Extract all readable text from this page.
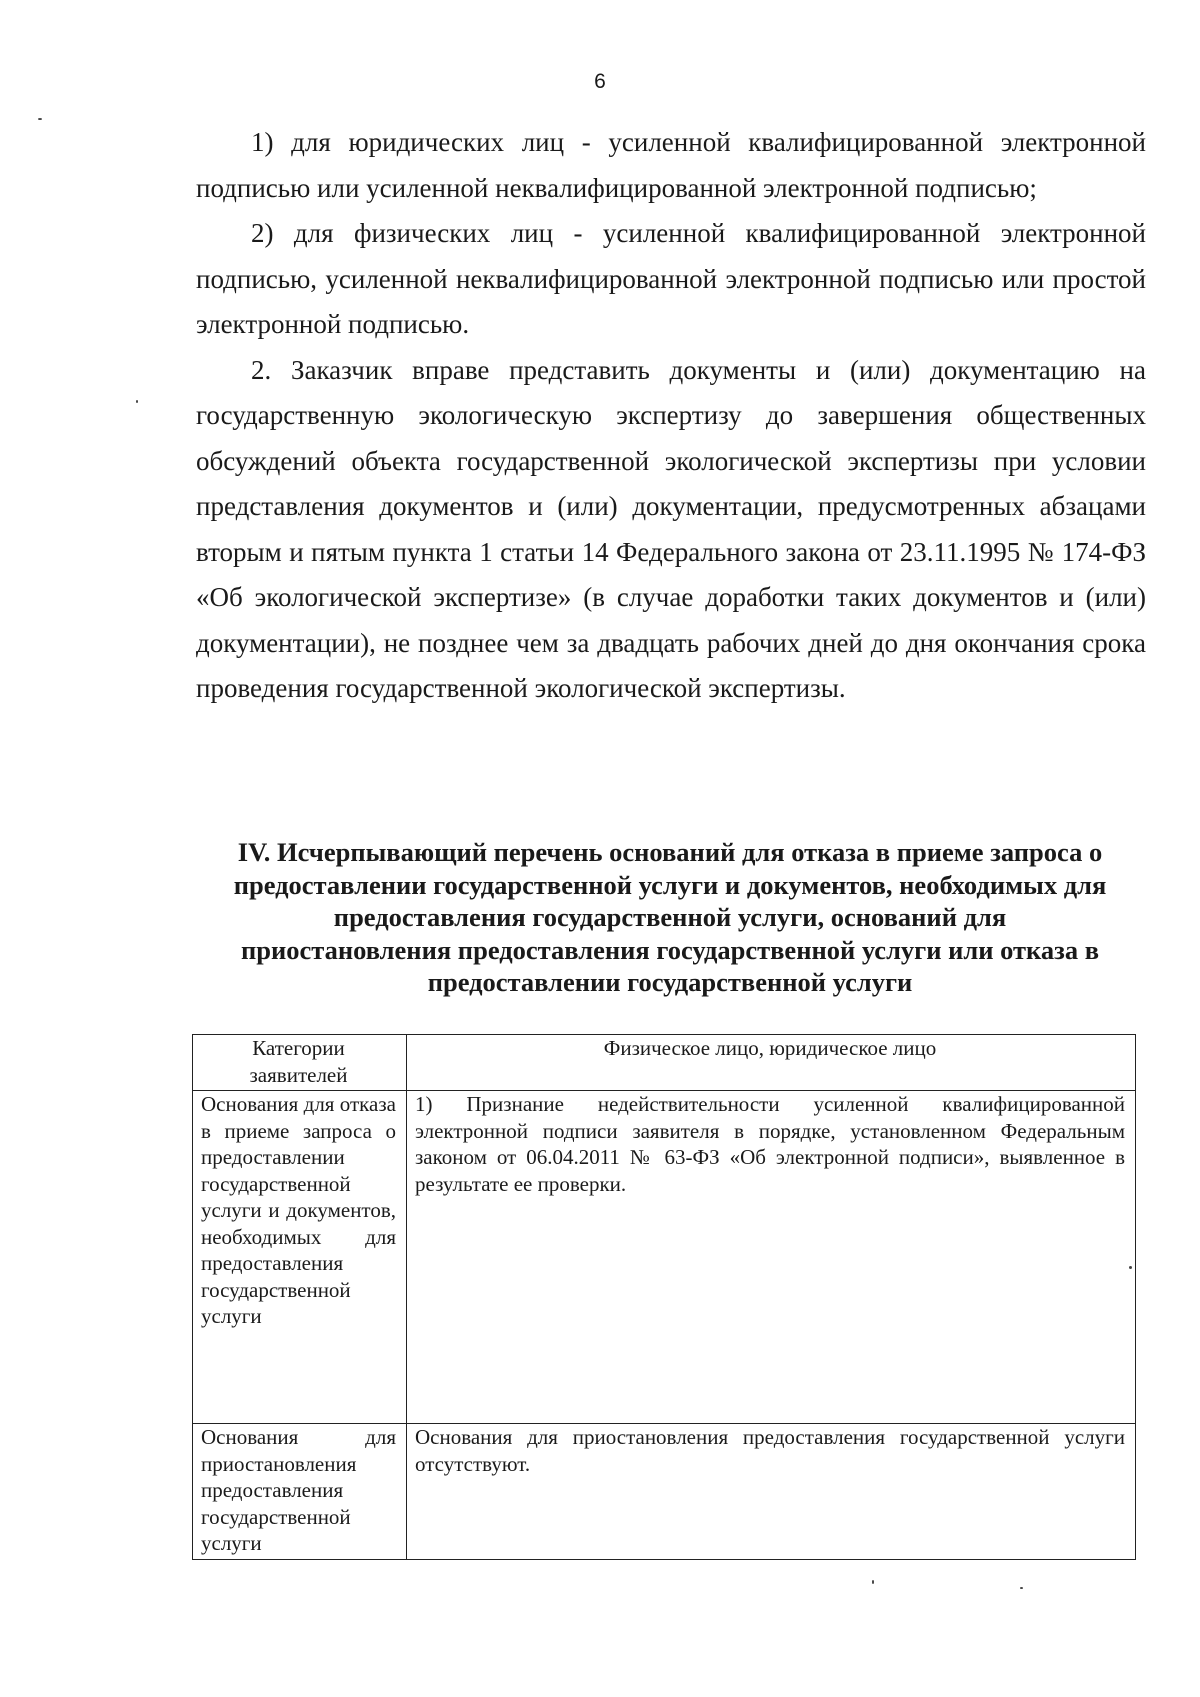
6

1) для юридических лиц - усиленной квалифицированной электронной подписью или усиленной неквалифицированной электронной подписью;

2) для физических лиц - усиленной квалифицированной электронной подписью, усиленной неквалифицированной электронной подписью или простой электронной подписью.

2. Заказчик вправе представить документы и (или) документацию на государственную экологическую экспертизу до завершения общественных обсуждений объекта государственной экологической экспертизы при условии представления документов и (или) документации, предусмотренных абзацами вторым и пятым пункта 1 статьи 14 Федерального закона от 23.11.1995 № 174-ФЗ «Об экологической экспертизе» (в случае доработки таких документов и (или) документации), не позднее чем за двадцать рабочих дней до дня окончания срока проведения государственной экологической экспертизы.

IV. Исчерпывающий перечень оснований для отказа в приеме запроса о
предоставлении государственной услуги и документов, необходимых для
предоставления государственной услуги, оснований для
приостановления предоставления государственной услуги или отказа в
предоставлении государственной услуги
Категории заявителей	Физическое лицо, юридическое лицо
Основания для отказа в приеме запроса о предоставлении государственной услуги и документов, необходимых для предоставления государственной услуги	1) Признание недействительности усиленной квалифицированной электронной подписи заявителя в порядке, установленном Федеральным законом от 06.04.2011 № 63-ФЗ «Об электронной подписи», выявленное в результате ее проверки.
Основания для приостановления предоставления государственной услуги	Основания для приостановления предоставления государственной услуги отсутствуют.
